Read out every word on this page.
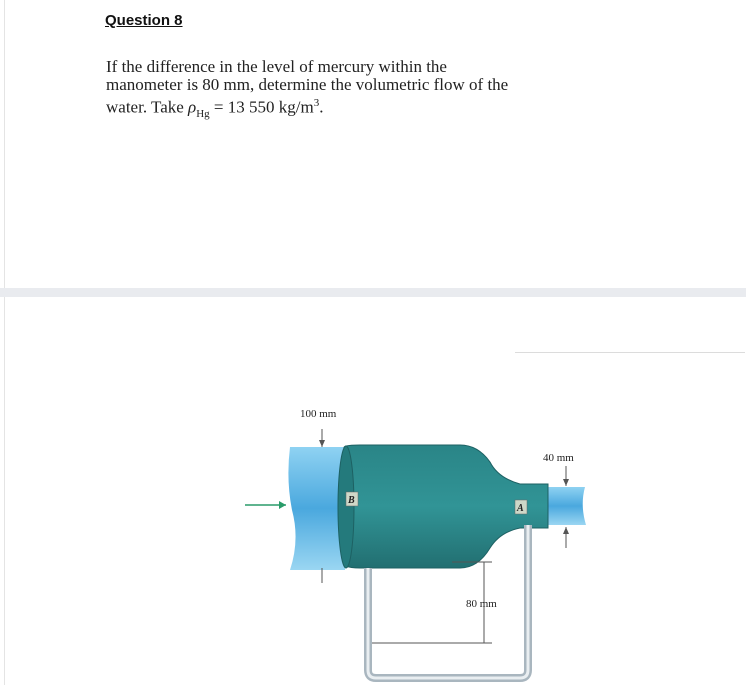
Question 8
If the difference in the level of mercury within the
manometer is 80 mm, determine the volumetric flow of the
water. Take $\rho_{Hg} = 13$ 550 $kg/m^3$.
100 mm
40 mm
B
A
80 mm
